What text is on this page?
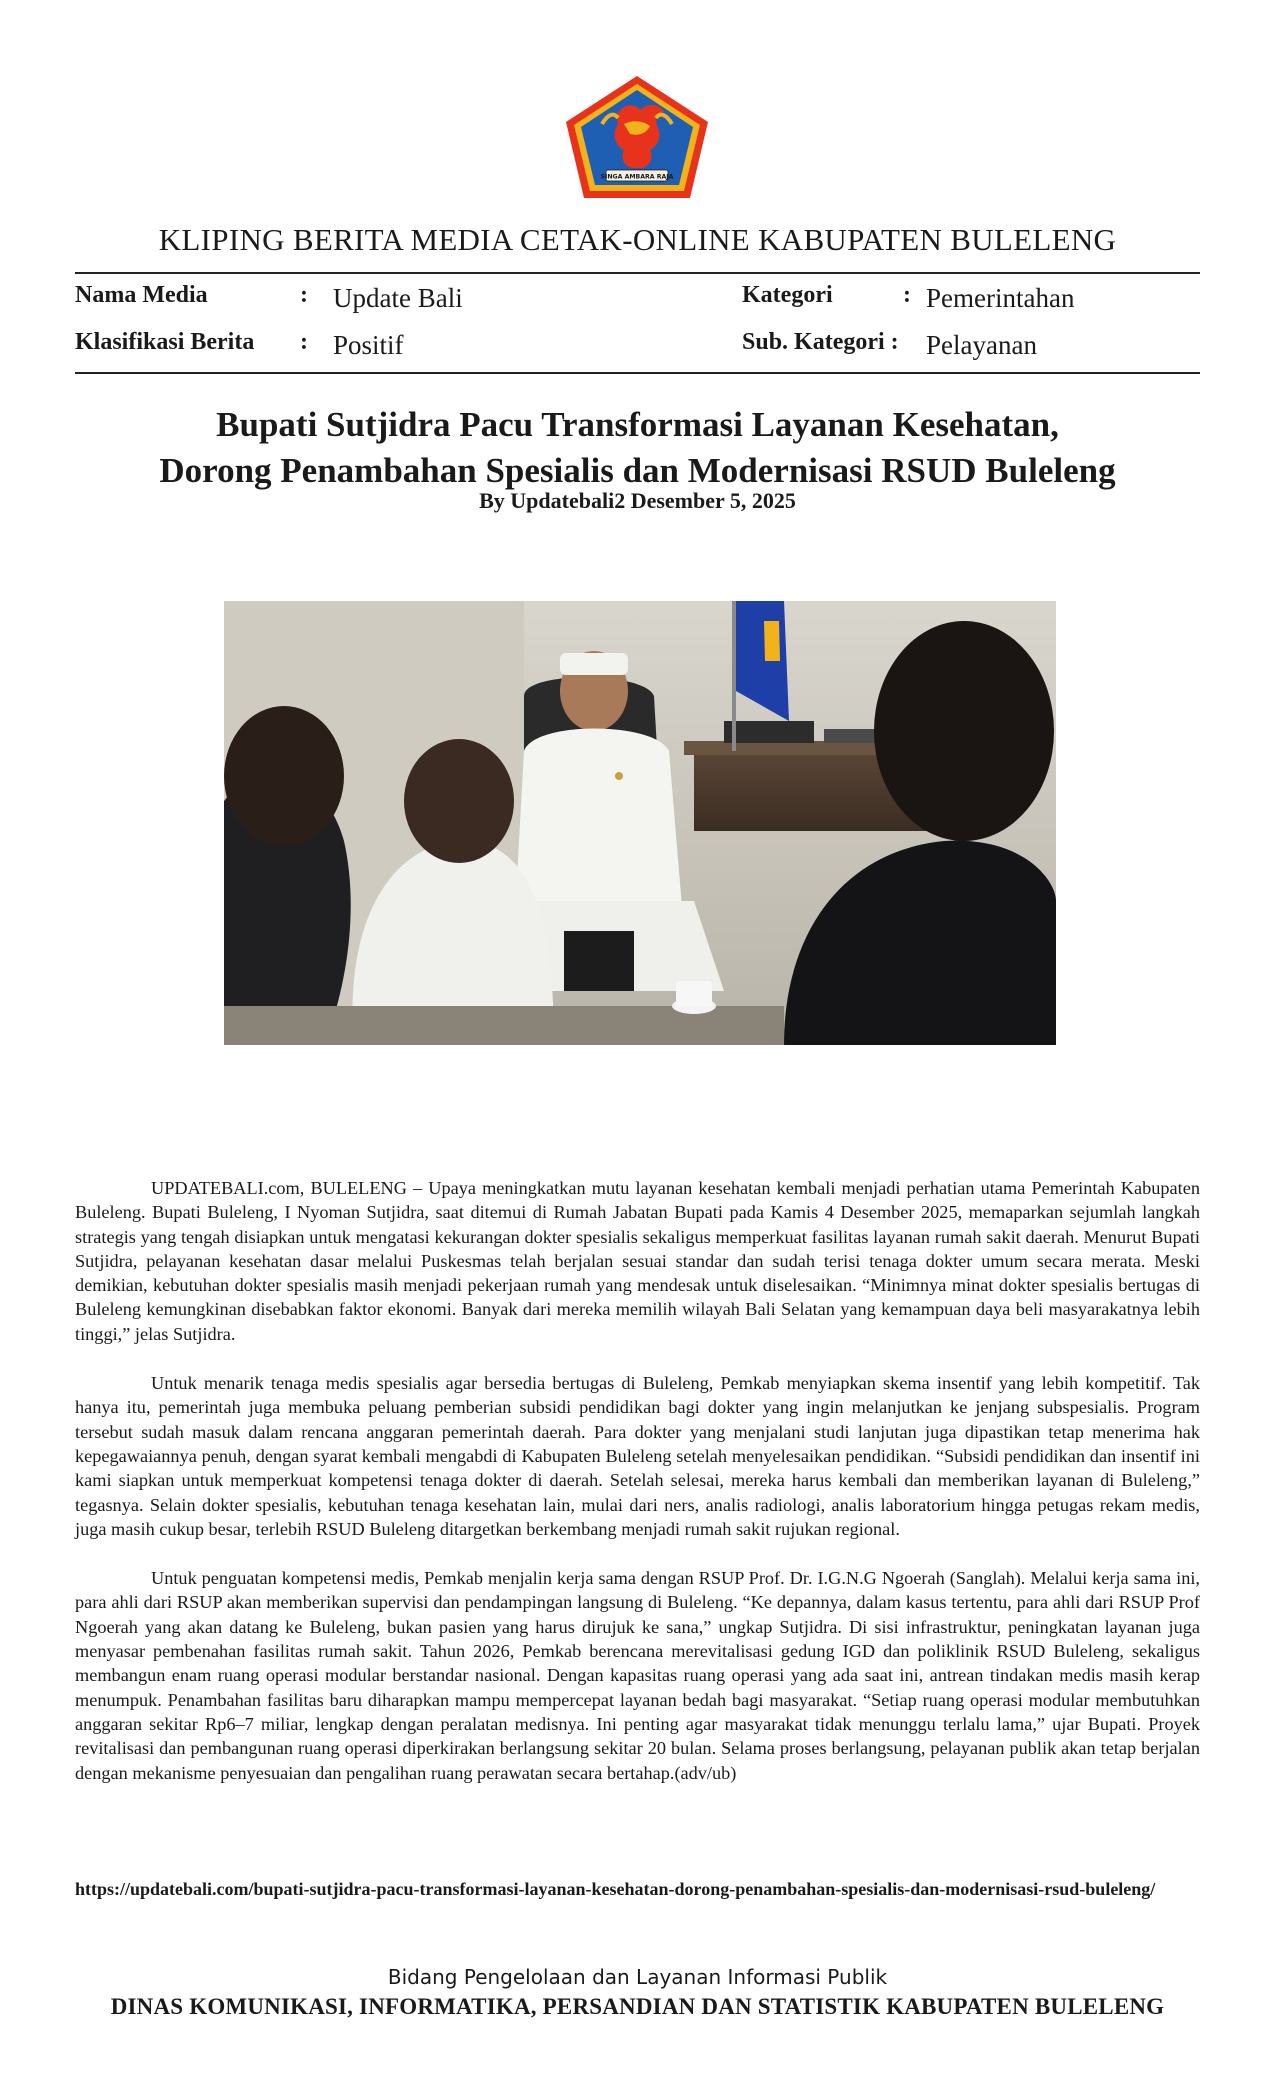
SINGA AMBARA RAJA
KLIPING BERITA MEDIA CETAK-ONLINE KABUPATEN BULELENG
Nama Media	: Update Bali	Kategori	: Pemerintahan
Klasifikasi Berita : Positif	Sub. Kategori : Pelayanan
Bupati Sutjidra Pacu Transformasi Layanan Kesehatan,
Dorong Penambahan Spesialis dan Modernisasi RSUD Buleleng
By Updatebali2 Desember 5, 2025

UPDATEBALI.com, BULELENG – Upaya meningkatkan mutu layanan kesehatan kembali menjadi perhatian utama Pemerintah Kabupaten Buleleng. Bupati Buleleng, I Nyoman Sutjidra, saat ditemui di Rumah Jabatan Bupati pada Kamis 4 Desember 2025, memaparkan sejumlah langkah strategis yang tengah disiapkan untuk mengatasi kekurangan dokter spesialis sekaligus memperkuat fasilitas layanan rumah sakit daerah. Menurut Bupati Sutjidra, pelayanan kesehatan dasar melalui Puskesmas telah berjalan sesuai standar dan sudah terisi tenaga dokter umum secara merata. Meski demikian, kebutuhan dokter spesialis masih menjadi pekerjaan rumah yang mendesak untuk diselesaikan. “Minimnya minat dokter spesialis bertugas di Buleleng kemungkinan disebabkan faktor ekonomi. Banyak dari mereka memilih wilayah Bali Selatan yang kemampuan daya beli masyarakatnya lebih tinggi,” jelas Sutjidra.

Untuk menarik tenaga medis spesialis agar bersedia bertugas di Buleleng, Pemkab menyiapkan skema insentif yang lebih kompetitif. Tak hanya itu, pemerintah juga membuka peluang pemberian subsidi pendidikan bagi dokter yang ingin melanjutkan ke jenjang subspesialis. Program tersebut sudah masuk dalam rencana anggaran pemerintah daerah. Para dokter yang menjalani studi lanjutan juga dipastikan tetap menerima hak kepegawaiannya penuh, dengan syarat kembali mengabdi di Kabupaten Buleleng setelah menyelesaikan pendidikan. “Subsidi pendidikan dan insentif ini kami siapkan untuk memperkuat kompetensi tenaga dokter di daerah. Setelah selesai, mereka harus kembali dan memberikan layanan di Buleleng,” tegasnya. Selain dokter spesialis, kebutuhan tenaga kesehatan lain, mulai dari ners, analis radiologi, analis laboratorium hingga petugas rekam medis, juga masih cukup besar, terlebih RSUD Buleleng ditargetkan berkembang menjadi rumah sakit rujukan regional.

Untuk penguatan kompetensi medis, Pemkab menjalin kerja sama dengan RSUP Prof. Dr. I.G.N.G Ngoerah (Sanglah). Melalui kerja sama ini, para ahli dari RSUP akan memberikan supervisi dan pendampingan langsung di Buleleng. “Ke depannya, dalam kasus tertentu, para ahli dari RSUP Prof Ngoerah yang akan datang ke Buleleng, bukan pasien yang harus dirujuk ke sana,” ungkap Sutjidra. Di sisi infrastruktur, peningkatan layanan juga menyasar pembenahan fasilitas rumah sakit. Tahun 2026, Pemkab berencana merevitalisasi gedung IGD dan poliklinik RSUD Buleleng, sekaligus membangun enam ruang operasi modular berstandar nasional. Dengan kapasitas ruang operasi yang ada saat ini, antrean tindakan medis masih kerap menumpuk. Penambahan fasilitas baru diharapkan mampu mempercepat layanan bedah bagi masyarakat. “Setiap ruang operasi modular membutuhkan anggaran sekitar Rp6–7 miliar, lengkap dengan peralatan medisnya. Ini penting agar masyarakat tidak menunggu terlalu lama,” ujar Bupati. Proyek revitalisasi dan pembangunan ruang operasi diperkirakan berlangsung sekitar 20 bulan. Selama proses berlangsung, pelayanan publik akan tetap berjalan dengan mekanisme penyesuaian dan pengalihan ruang perawatan secara bertahap.(adv/ub)

https://updatebali.com/bupati-sutjidra-pacu-transformasi-layanan-kesehatan-dorong-penambahan-spesialis-dan-modernisasi-rsud-buleleng/
Bidang Pengelolaan dan Layanan Informasi Publik
DINAS KOMUNIKASI, INFORMATIKA, PERSANDIAN DAN STATISTIK KABUPATEN BULELENG
